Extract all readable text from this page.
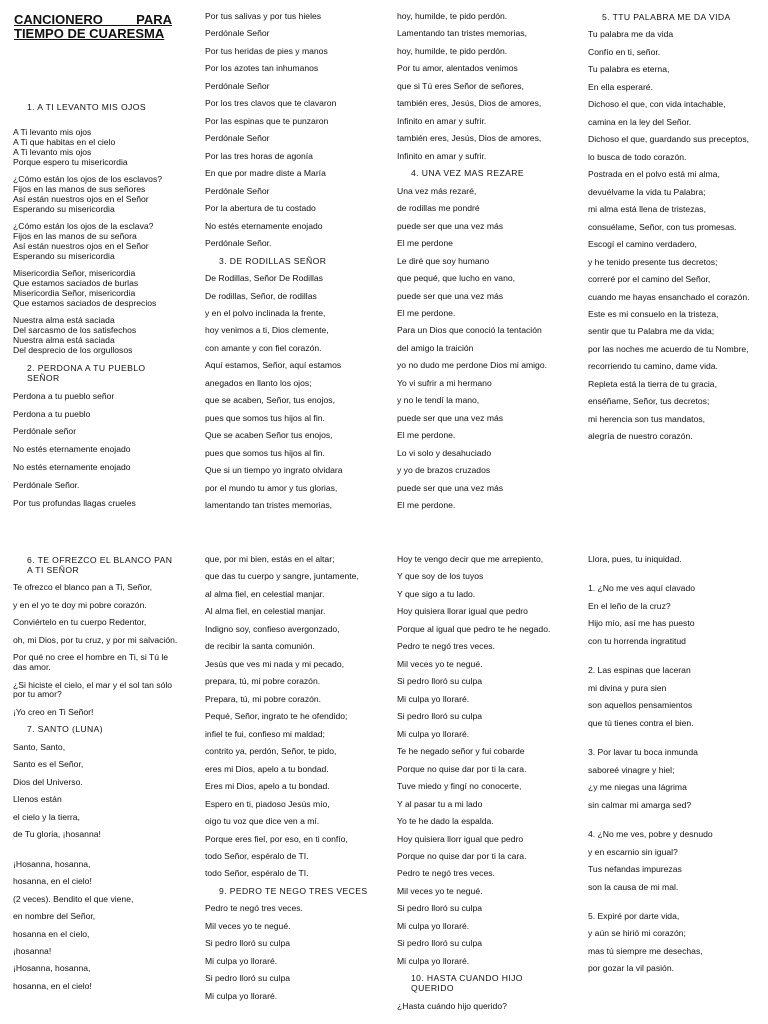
CANCIONERO PARA TIEMPO DE CUARESMA
1. A TI LEVANTO MIS OJOS
A Ti levanto mis ojos
A Ti que habitas en el cielo
A Ti levanto mis ojos
Porque espero tu misericordia
¿Cómo están los ojos de los esclavos?
Fijos en las manos de sus señores
Así están nuestros ojos en el Señor
Esperando su misericordia
¿Cómo están los ojos de la esclava?
Fijos en las manos de su señora
Así están nuestros ojos en el Señor
Esperando su misericordia
Misericordia Señor, misericordia
Que estamos saciados de burlas
Misericordia Señor, misericordia
Que estamos saciados de desprecios
Nuestra alma está saciada
Del sarcasmo de los satisfechos
Nuestra alma está saciada
Del desprecio de los orgullosos
2. PERDONA A TU PUEBLO SEÑOR
Perdona a tu pueblo señor
Perdona a tu pueblo
Perdónale señor
No estés eternamente enojado
No estés eternamente enojado
Perdónale Señor.
Por tus profundas llagas crueles
Por tus salivas y por tus hieles
Perdónale Señor
Por tus heridas de pies y manos
Por los azotes tan inhumanos
Perdónale Señor
Por los tres clavos que te clavaron
Por las espinas que te punzaron
Perdónale Señor
Por las tres horas de agonía
En que por madre diste a María
Perdónale Señor
Por la abertura de tu costado
No estés eternamente enojado
Perdónale Señor.
3. DE RODILLAS SEÑOR
De Rodillas, Señor De Rodillas
De rodillas, Señor, de rodillas
y en el polvo inclinada la frente,
hoy venimos a ti, Dios clemente,
con amante y con fiel corazón.
Aquí estamos, Señor, aquí estamos
anegados en llanto los ojos;
que se acaben, Señor, tus enojos,
pues que somos tus hijos al fin.
Que se acaben Señor tus enojos,
pues que somos tus hijos al fin.
Que si un tiempo yo ingrato olvidara
por el mundo tu amor y tus glorias,
lamentando tan tristes memorias,
hoy, humilde, te pido perdón.
Lamentando tan tristes memorias,
hoy, humilde, te pido perdón.
Por tu amor, alentados venimos
que si Tú eres Señor de señores,
también eres, Jesús, Dios de amores,
Infinito en amar y sufrir.
también eres, Jesús, Dios de amores,
Infinito en amar y sufrir.
4. UNA VEZ MAS REZARE
Una vez más rezaré,
de rodillas me pondré
puede ser que una vez más
El me perdone
Le diré que soy humano
que pequé, que lucho en vano,
puede ser que una vez más
El me perdone.
Para un Dios que conoció la tentación
del amigo la traición
yo no dudo me perdone Dios mi amigo.
Yo vi sufrir a mi hermano
y no le tendí la mano,
puede ser que una vez más
El me perdone.
Lo vi solo y desahuciado
y yo de brazos cruzados
puede ser que una vez más
El me perdone.
5. TTU PALABRA ME DA VIDA
Tu palabra me da vida
Confío en ti, señor.
Tu palabra es eterna,
En ella esperaré.
Dichoso el que, con vida intachable,
camina en la ley del Señor.
Dichoso el que, guardando sus preceptos,
lo busca de todo corazón.
Postrada en el polvo está mi alma,
devuélvame la vida tu Palabra;
mi alma está llena de tristezas,
consuélame, Señor, con tus promesas.
Escogí el camino verdadero,
y he tenido presente tus decretos;
correré por el camino del Señor,
cuando me hayas ensanchado el corazón.
Este es mi consuelo en la tristeza,
sentir que tu Palabra me da vida;
por las noches me acuerdo de tu Nombre,
recorriendo tu camino, dame vida.
Repleta está la tierra de tu gracia,
enséñame, Señor, tus decretos;
mi herencia son tus mandatos,
alegría de nuestro corazón.
6. TE OFREZCO EL BLANCO PAN A TI SEÑOR
Te ofrezco el blanco pan a Ti, Señor,
y en el yo te doy mi pobre corazón.
Conviértelo en tu cuerpo Redentor,
oh, mi Dios, por tu cruz, y por mi salvación.
Por qué no cree el hombre en Ti, si Tú le das amor.
¿Si hiciste el cielo, el mar y el sol tan sólo por tu amor?
¡Yo creo en Ti Señor!
7. SANTO (LUNA)
Santo, Santo,
Santo es el Señor,
Dios del Universo.
Llenos están
el cielo y la tierra,
de Tu gloria, ¡hosanna!
¡Hosanna, hosanna,
hosanna, en el cielo!
(2 veces). Bendito el que viene,
en nombre del Señor,
hosanna en el cielo,
¡hosanna!
¡Hosanna, hosanna,
hosanna, en el cielo!
que, por mi bien, estás en el altar;
que das tu cuerpo y sangre, juntamente,
al alma fiel, en celestial manjar.
Al alma fiel, en celestial manjar.
Indigno soy, confieso avergonzado,
de recibir la santa comunión.
Jesús que ves mi nada y mi pecado,
prepara, tú, mi pobre corazón.
Prepara, tú, mi pobre corazón.
Pequé, Señor, ingrato te he ofendido;
infiel te fui, confieso mi maldad;
contrito ya, perdón, Señor, te pido,
eres mi Dios, apelo a tu bondad.
Eres mi Dios, apelo a tu bondad.
Espero en ti, piadoso Jesús mío,
oigo tu voz que dice ven a mí.
Porque eres fiel, por eso, en ti confío,
todo Señor, espéralo de TI.
todo Señor, espéralo de TI.
9. PEDRO TE NEGO TRES VECES
Pedro te negó tres veces.
Mil veces yo te negué.
Si pedro lloró su culpa
Mi culpa yo lloraré.
Si pedro lloró su culpa
Mi culpa yo lloraré.
Hoy te vengo decir que me arrepiento,
Y que soy de los tuyos
Y que sigo a tu lado.
Hoy quisiera llorar igual que pedro
Porque al igual que pedro te he negado.
Pedro te negó tres veces.
Mil veces yo te negué.
Si pedro lloró su culpa
Mi culpa yo lloraré.
Si pedro lloró su culpa
Mi culpa yo lloraré.
Te he negado señor y fui cobarde
Porque no quise dar por ti la cara.
Tuve miedo y fingí no conocerte,
Y al pasar tu a mi lado
Yo te he dado la espalda.
Hoy quisiera llorr igual que pedro
Porque no quise dar por ti la cara.
Pedro te negó tres veces.
Mil veces yo te negué.
Si pedro lloró su culpa
Mi culpa yo lloraré.
Si pedro lloró su culpa
Mi culpa yo lloraré.
10. HASTA CUANDO HIJO QUERIDO
¿Hasta cuándo hijo querido?
Llora, pues, tu iniquidad.
1. ¿No me ves aquí clavado
En el leño de la cruz?
Hijo mío, así me has puesto
con tu horrenda ingratitud
2. Las espinas que laceran
mi divina y pura sien
son aquellos pensamientos
que tú tienes contra el bien.
3. Por lavar tu boca inmunda
saboreé vinagre y hiel;
¿y me niegas una lágrima
sin calmar mi amarga sed?
4. ¿No me ves, pobre y desnudo
y en escarnio sin igual?
Tus nefandas impurezas
son la causa de mi mal.
5. Expiré por darte vida,
y aún se hirió mi corazón;
mas tú siempre me desechas,
por gozar la vil pasión.
